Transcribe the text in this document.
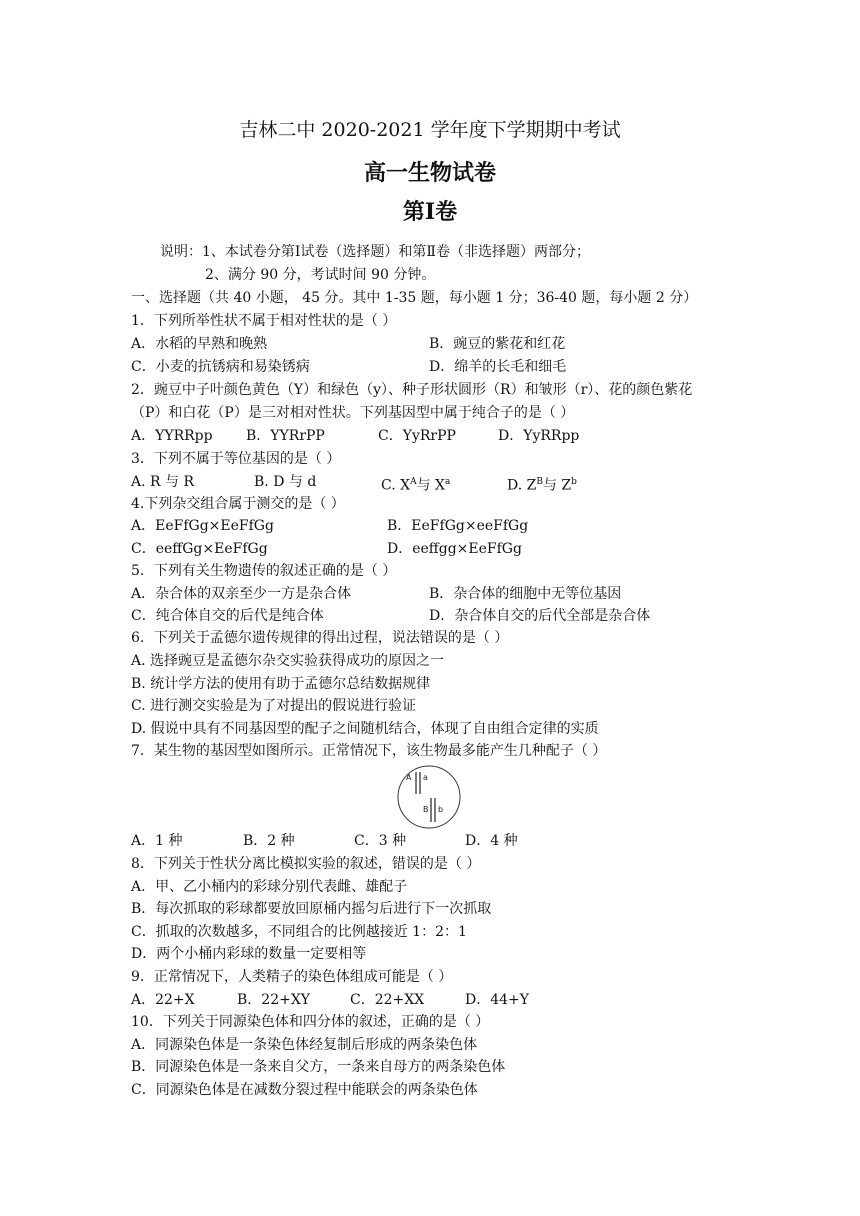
吉林二中 2020-2021 学年度下学期期中考试
高一生物试卷
第Ⅰ卷
说明：1、本试卷分第Ⅰ试卷（选择题）和第Ⅱ卷（非选择题）两部分；
2、满分 90 分，考试时间 90 分钟。
一、选择题（共 40 小题， 45 分。其中 1-35 题，每小题 1 分；36-40 题，每小题 2 分）
1．下列所举性状不属于相对性状的是（ ）
A．水稻的早熟和晚熟	B．豌豆的紫花和红花
C．小麦的抗锈病和易染锈病	D．绵羊的长毛和细毛
2．豌豆中子叶颜色黄色（Y）和绿色（y）、种子形状圆形（R）和皱形（r）、花的颜色紫花
（P）和白花（P）是三对相对性状。下列基因型中属于纯合子的是（ ）
A．YYRRpp B．YYRrPP	C．YyRrPP	D．YyRRpp
3．下列不属于等位基因的是（ ）
A. R 与 R	B. D 与 d	C. $X^A$与 $X^a$	D. $Z^B$与 $Z^b$
4.下列杂交组合属于测交的是（ ）
A．EeFfGg×EeFfGg	B．EeFfGg×eeFfGg
C．eeffGg×EeFfGg	D．eeffgg×EeFfGg
5．下列有关生物遗传的叙述正确的是（ ）
A．杂合体的双亲至少一方是杂合体	B．杂合体的细胞中无等位基因
C．纯合体自交的后代是纯合体	D．杂合体自交的后代全部是杂合体
6．下列关于孟德尔遗传规律的得出过程，说法错误的是（ ）
A. 选择豌豆是孟德尔杂交实验获得成功的原因之一
B. 统计学方法的使用有助于孟德尔总结数据规律
C. 进行测交实验是为了对提出的假说进行验证
D. 假说中具有不同基因型的配子之间随机结合，体现了自由组合定律的实质
7．某生物的基因型如图所示。正常情况下，该生物最多能产生几种配子（ ）
A a
B b
A．1 种	B．2 种	C．3 种	D．4 种
8．下列关于性状分离比模拟实验的叙述，错误的是（ ）
A．甲、乙小桶内的彩球分别代表雌、雄配子
B．每次抓取的彩球都要放回原桶内摇匀后进行下一次抓取
C．抓取的次数越多，不同组合的比例越接近 1：2：1
D．两个小桶内彩球的数量一定要相等
9．正常情况下，人类精子的染色体组成可能是（ ）
A．22+X	B．22+XY	C．22+XX	D．44+Y
10．下列关于同源染色体和四分体的叙述，正确的是（ ）
A．同源染色体是一条染色体经复制后形成的两条染色体
B．同源染色体是一条来自父方，一条来自母方的两条染色体
C．同源染色体是在减数分裂过程中能联会的两条染色体
